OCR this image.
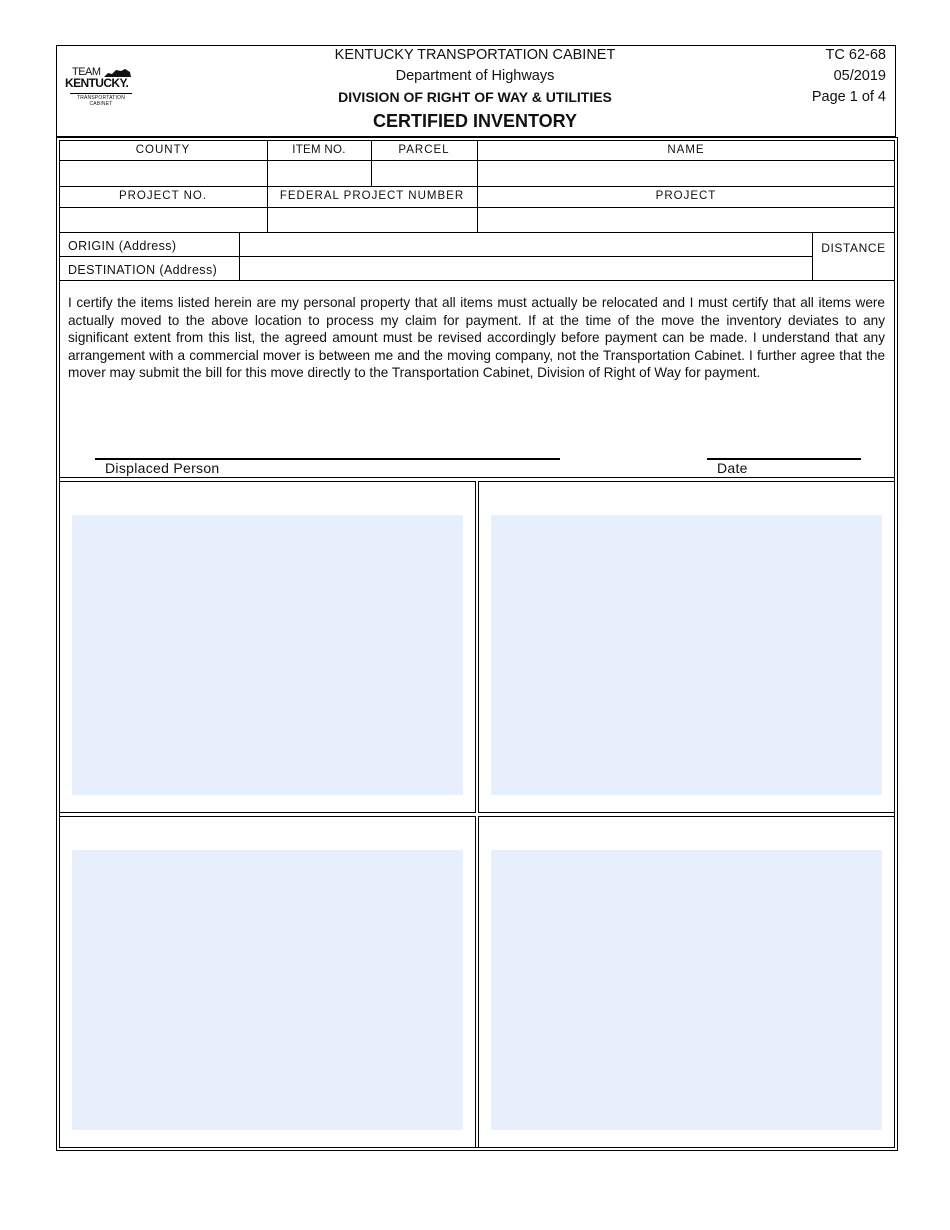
TEAM
KENTUCKY.
TRANSPORTATION
CABINET
KENTUCKY TRANSPORTATION CABINET
Department of Highways
DIVISION OF RIGHT OF WAY & UTILITIES
CERTIFIED INVENTORY
TC 62-68
05/2019
Page 1 of 4
COUNTY	ITEM NO.	PARCEL	NAME
PROJECT NO.	FEDERAL PROJECT NUMBER	PROJECT
ORIGIN (Address)
DESTINATION (Address)
DISTANCE
I certify the items listed herein are my personal property that all items must actually be relocated and I must certify that all items were actually moved to the above location to process my claim for payment. If at the time of the move the inventory deviates to any significant extent from this list, the agreed amount must be revised accordingly before payment can be made. I understand that any arrangement with a commercial mover is between me and the moving company, not the Transportation Cabinet. I further agree that the mover may submit the bill for this move directly to the Transportation Cabinet, Division of Right of Way for payment.
Displaced Person	Date
